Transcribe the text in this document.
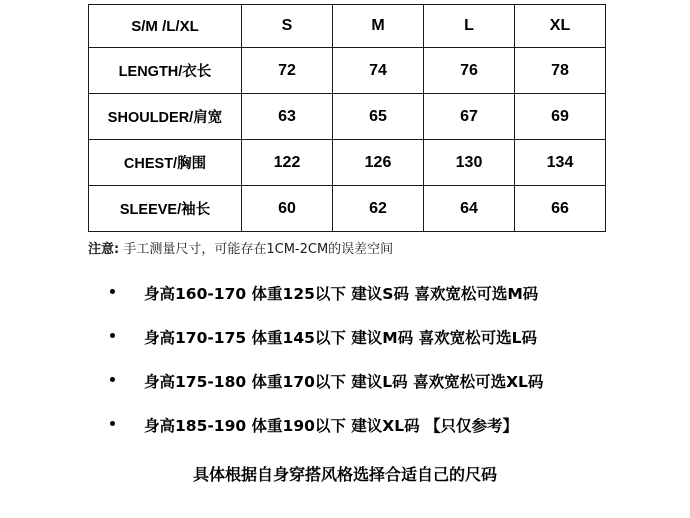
S/M /L/XL	S	M	L	XL
LENGTH/衣长	72	74	76	78
SHOULDER/肩宽	63	65	67	69
CHEST/胸围	122	126	130	134
SLEEVE/袖长	60	62	64	66
注意: 手工测量尺寸，可能存在1CM-2CM的误差空间
身高160-170 体重125以下 建议S码 喜欢宽松可选M码
身高170-175 体重145以下 建议M码 喜欢宽松可选L码
身高175-180 体重170以下 建议L码 喜欢宽松可选XL码
身高185-190 体重190以下 建议XL码 【只仅参考】
具体根据自身穿搭风格选择合适自己的尺码
